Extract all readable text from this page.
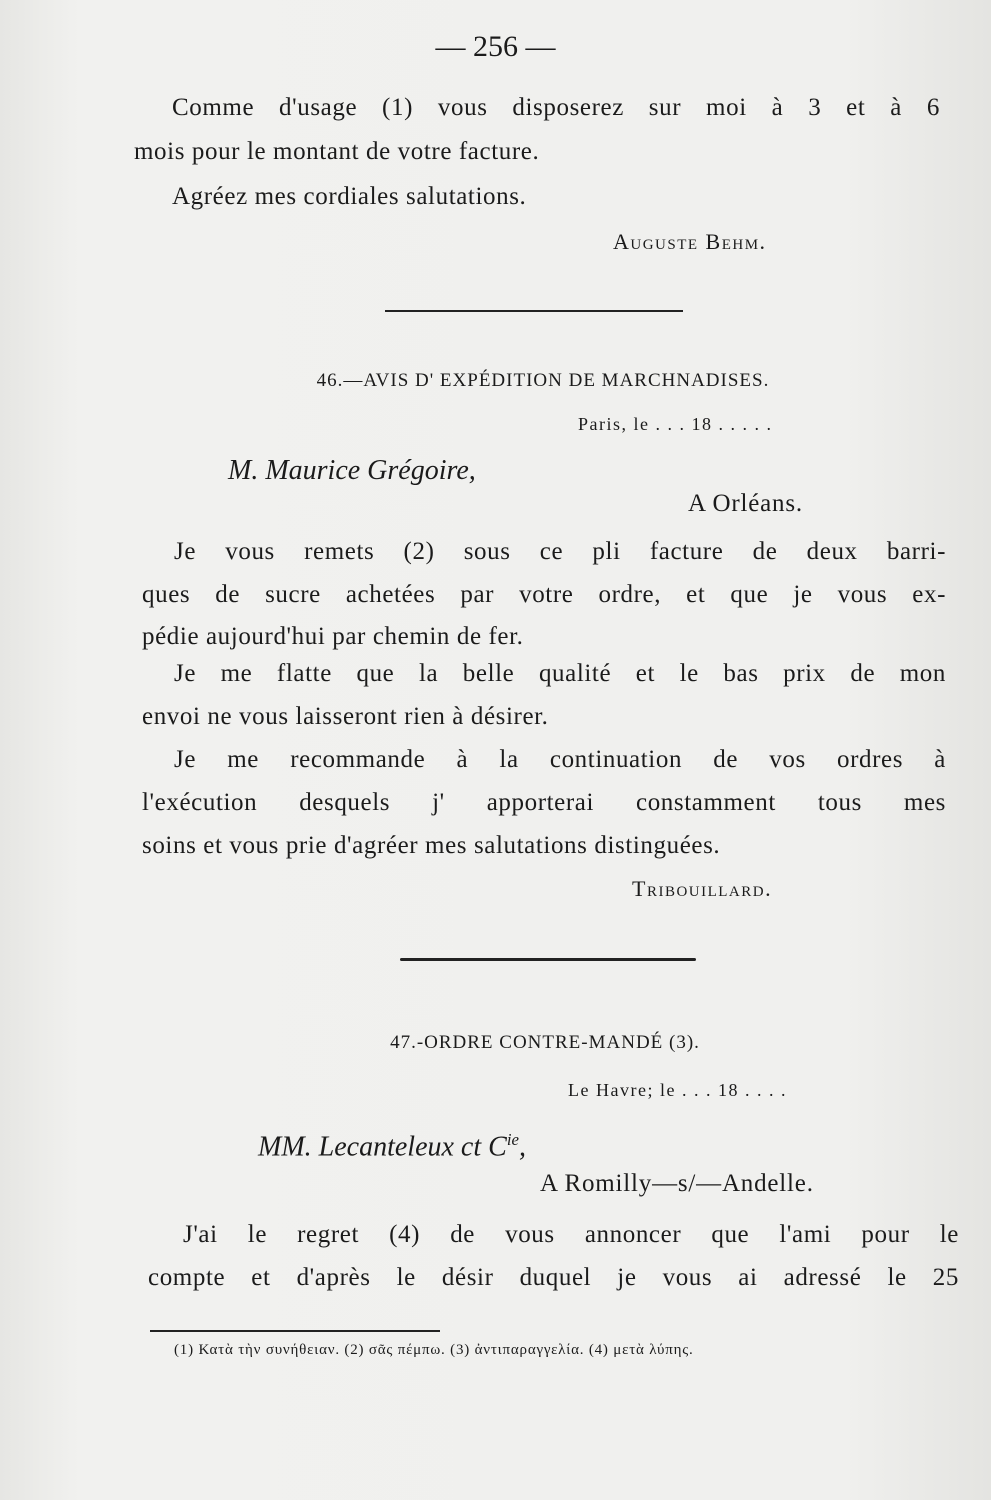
— 256 —
Comme d'usage (1) vous disposerez sur moi à 3 et à 6
mois pour le montant de votre facture.
Agréez mes cordiales salutations.
Auguste Behm.
46.—AVIS D' EXPÉDITION DE MARCHNADISES.
Paris, le . . . 18 . . . . .
M. Maurice Grégoire,
A Orléans.
Je vous remets (2) sous ce pli facture de deux barri-
ques de sucre achetées par votre ordre, et que je vous ex-
pédie aujourd'hui par chemin de fer.
Je me flatte que la belle qualité et le bas prix de mon
envoi ne vous laisseront rien à désirer.
Je me recommande à la continuation de vos ordres à
l'exécution desquels j' apporterai constamment tous mes
soins et vous prie d'agréer mes salutations distinguées.
Tribouillard.
47.-ORDRE CONTRE-MANDÉ (3).
Le Havre; le . . . 18 . . . .
MM. Lecanteleux ct $C^{ie}$,
A Romilly—s/—Andelle.
J'ai le regret (4) de vous annoncer que l'ami pour le
compte et d'après le désir duquel je vous ai adressé le 25
(1) Κατὰ τὴν συνήθειαν. (2) σᾶς πέμπω. (3) ἀντιπαραγγελία. (4) μετὰ λύπης.
